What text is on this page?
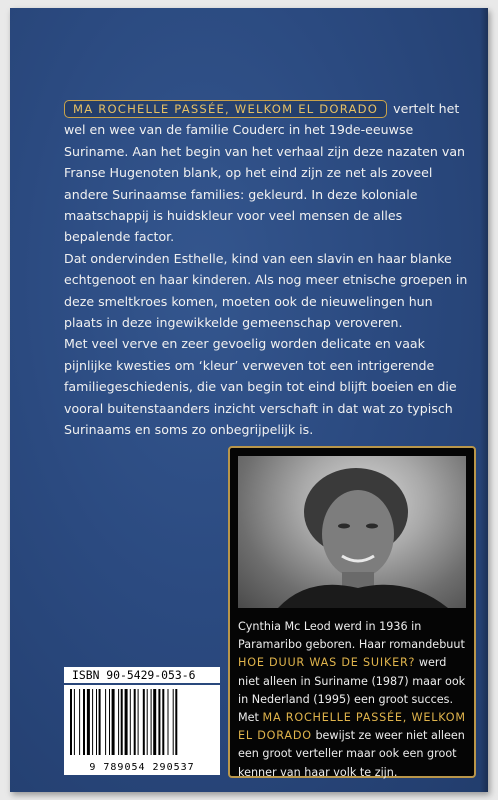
MA ROCHELLE PASSÉE, WELKOM EL DORADO vertelt het wel en wee van de familie Couderc in het 19de-eeuwse Suriname. Aan het begin van het verhaal zijn deze nazaten van Franse Hugenoten blank, op het eind zijn ze net als zoveel andere Surinaamse families: gekleurd. In deze koloniale maatschappij is huidskleur voor veel mensen de alles bepalende factor.

Dat ondervinden Esthelle, kind van een slavin en haar blanke echtgenoot en haar kinderen. Als nog meer etnische groepen in deze smeltkroes komen, moeten ook de nieuwelingen hun plaats in deze ingewikkelde gemeenschap veroveren.

Met veel verve en zeer gevoelig worden delicate en vaak pijnlijke kwesties om ‘kleur’ verweven tot een intrigerende familiegeschiedenis, die van begin tot eind blijft boeien en die vooral buitenstaanders inzicht verschaft in dat wat zo typisch Surinaams en soms zo onbegrijpelijk is.

Cynthia Mc Leod werd in 1936 in Paramaribo geboren. Haar romandebuut HOE DUUR WAS DE SUIKER? werd niet alleen in Suriname (1987) maar ook in Nederland (1995) een groot succes.

Met MA ROCHELLE PASSÉE, WELKOM EL DORADO bewijst ze weer niet alleen een groot verteller maar ook een groot kenner van haar volk te zijn.

ISBN 90-5429-053-6
9 789054 290537
